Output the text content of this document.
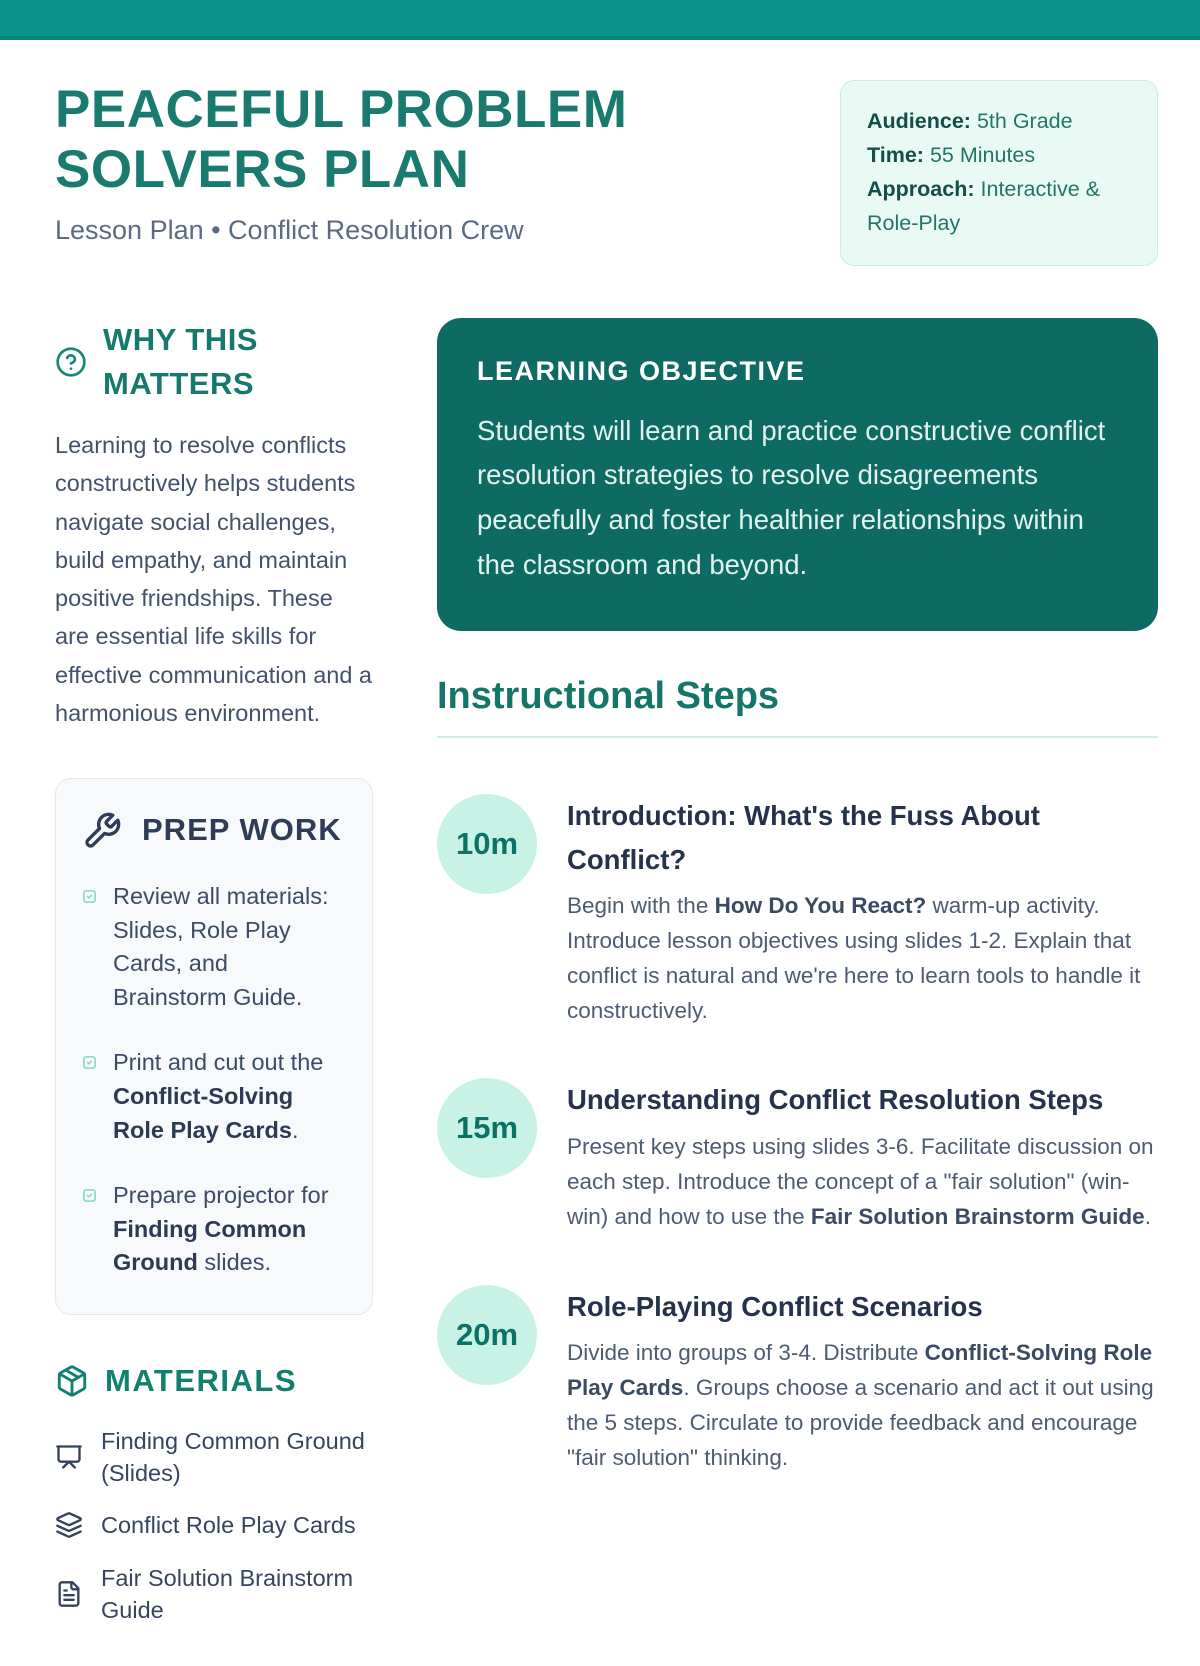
PEACEFUL PROBLEM SOLVERS PLAN
Lesson Plan • Conflict Resolution Crew
Audience: 5th Grade
Time: 55 Minutes
Approach: Interactive & Role-Play
WHY THIS MATTERS
Learning to resolve conflicts constructively helps students navigate social challenges, build empathy, and maintain positive friendships. These are essential life skills for effective communication and a harmonious environment.
PREP WORK
Review all materials: Slides, Role Play Cards, and Brainstorm Guide.
Print and cut out the Conflict-Solving Role Play Cards.
Prepare projector for Finding Common Ground slides.
MATERIALS
Finding Common Ground (Slides)
Conflict Role Play Cards
Fair Solution Brainstorm Guide
LEARNING OBJECTIVE
Students will learn and practice constructive conflict resolution strategies to resolve disagreements peacefully and foster healthier relationships within the classroom and beyond.
Instructional Steps
10m
Introduction: What's the Fuss About Conflict?
Begin with the How Do You React? warm-up activity. Introduce lesson objectives using slides 1-2. Explain that conflict is natural and we're here to learn tools to handle it constructively.
15m
Understanding Conflict Resolution Steps
Present key steps using slides 3-6. Facilitate discussion on each step. Introduce the concept of a "fair solution" (win-win) and how to use the Fair Solution Brainstorm Guide.
20m
Role-Playing Conflict Scenarios
Divide into groups of 3-4. Distribute Conflict-Solving Role Play Cards. Groups choose a scenario and act it out using the 5 steps. Circulate to provide feedback and encourage "fair solution" thinking.
